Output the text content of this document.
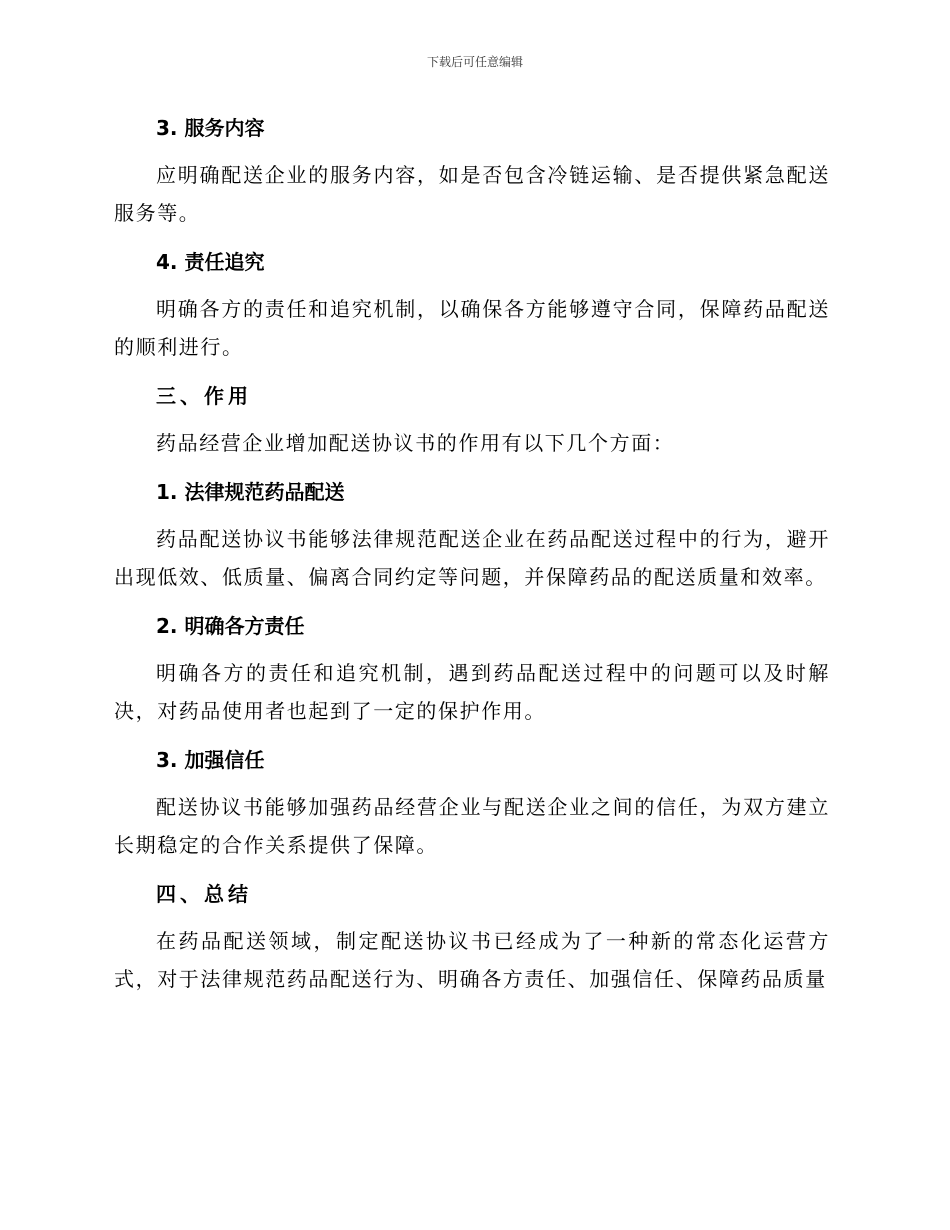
下载后可任意编辑
3. 服务内容

应明确配送企业的服务内容，如是否包含冷链运输、是否提供紧急配送服务等。

4. 责任追究

明确各方的责任和追究机制，以确保各方能够遵守合同，保障药品配送的顺利进行。

三、作用

药品经营企业增加配送协议书的作用有以下几个方面：

1. 法律规范药品配送

药品配送协议书能够法律规范配送企业在药品配送过程中的行为，避开出现低效、低质量、偏离合同约定等问题，并保障药品的配送质量和效率。

2. 明确各方责任

明确各方的责任和追究机制，遇到药品配送过程中的问题可以及时解决，对药品使用者也起到了一定的保护作用。

3. 加强信任

配送协议书能够加强药品经营企业与配送企业之间的信任，为双方建立长期稳定的合作关系提供了保障。

四、总结

在药品配送领域，制定配送协议书已经成为了一种新的常态化运营方式，对于法律规范药品配送行为、明确各方责任、加强信任、保障药品质量
